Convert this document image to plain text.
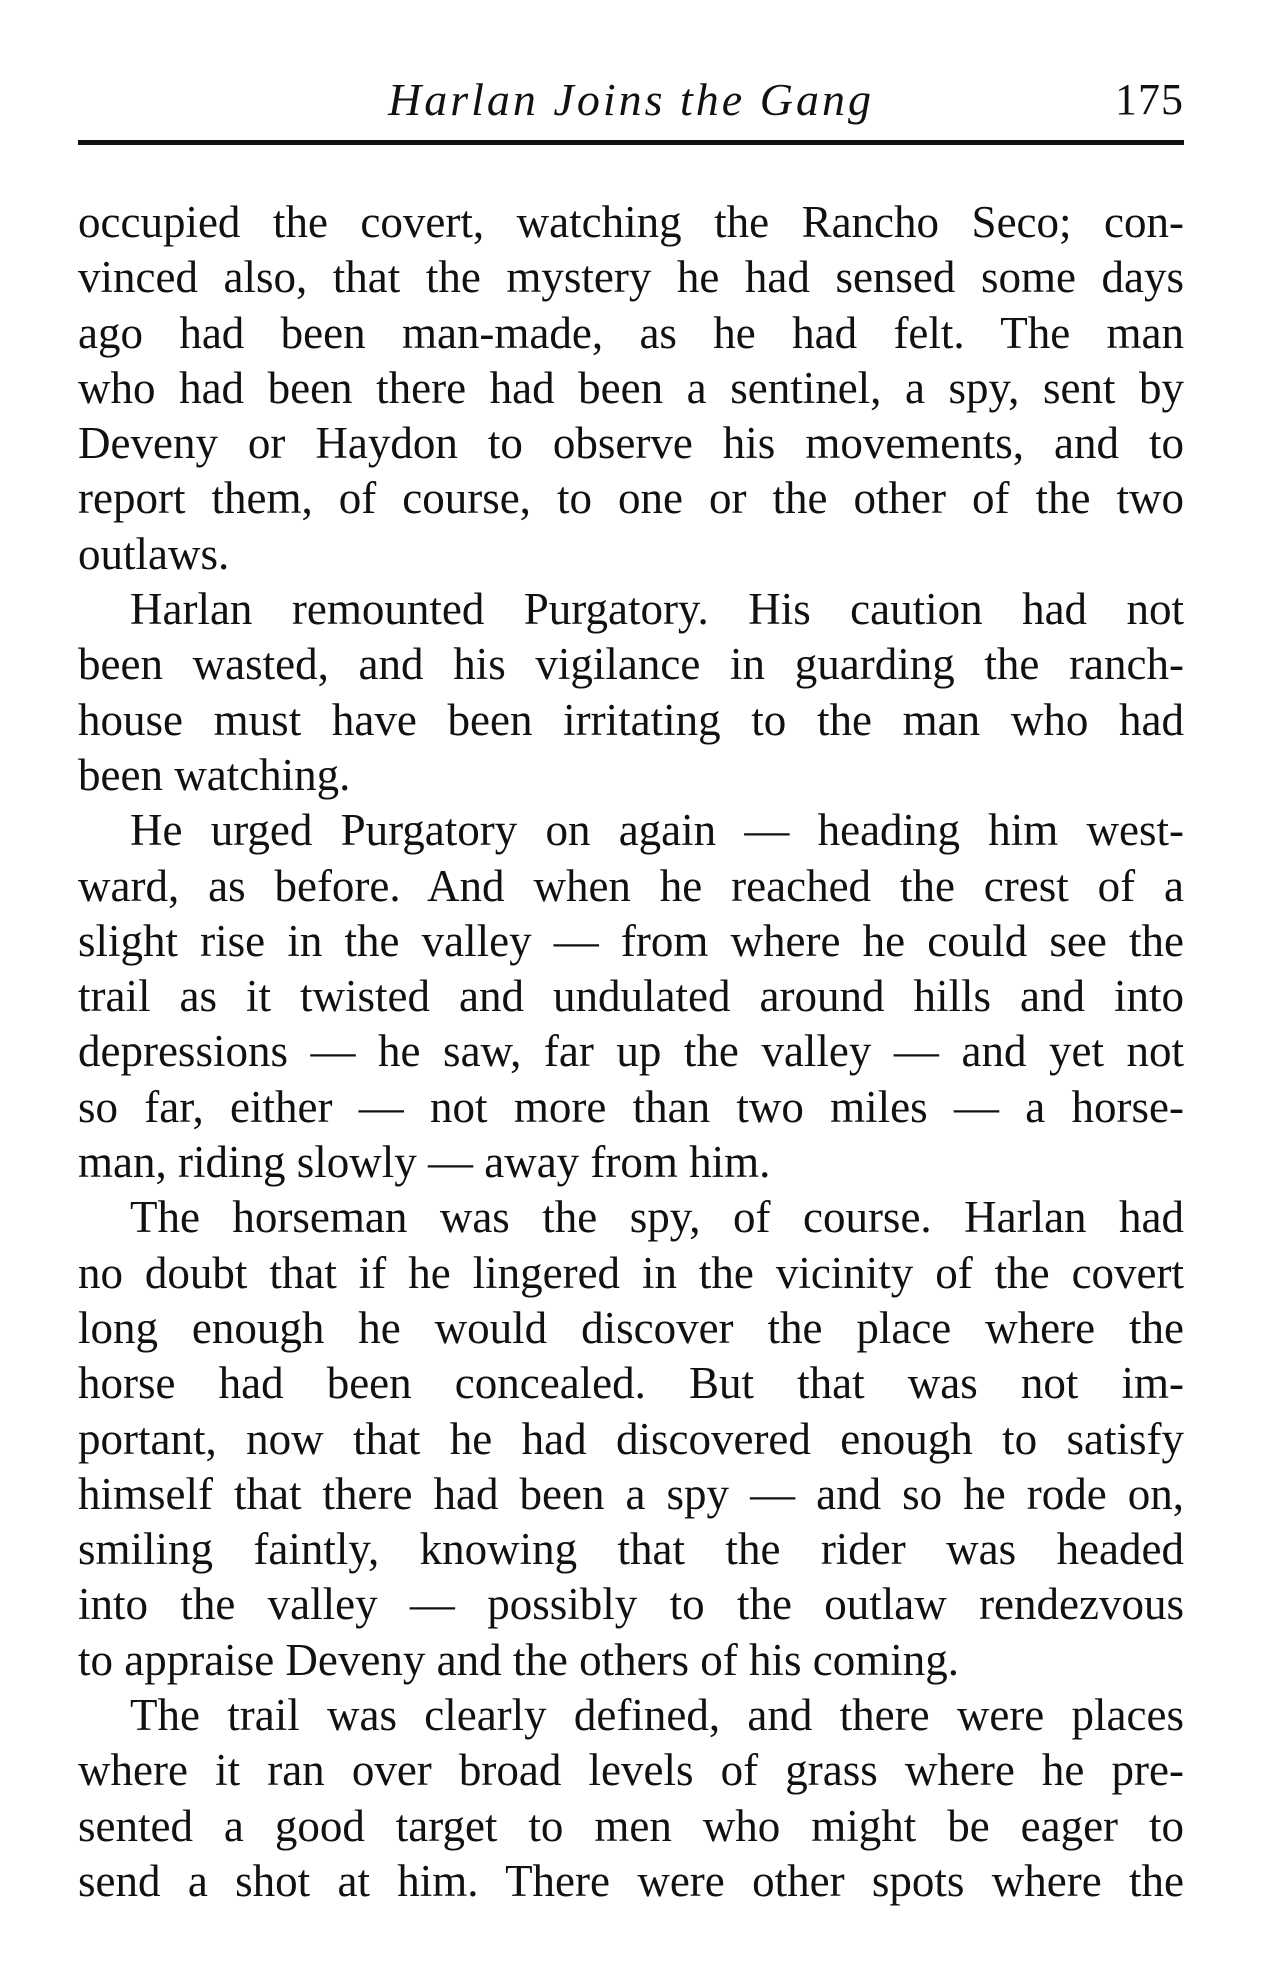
Harlan Joins the Gang	175

occupied the covert, watching the Rancho Seco; con-
vinced also, that the mystery he had sensed some days
ago had been man-made, as he had felt. The man
who had been there had been a sentinel, a spy, sent by
Deveny or Haydon to observe his movements, and to
report them, of course, to one or the other of the two
outlaws.

Harlan remounted Purgatory. His caution had not
been wasted, and his vigilance in guarding the ranch-
house must have been irritating to the man who had
been watching.

He urged Purgatory on again — heading him west-
ward, as before. And when he reached the crest of a
slight rise in the valley — from where he could see the
trail as it twisted and undulated around hills and into
depressions — he saw, far up the valley — and yet not
so far, either — not more than two miles — a horse-
man, riding slowly — away from him.

The horseman was the spy, of course. Harlan had
no doubt that if he lingered in the vicinity of the covert
long enough he would discover the place where the
horse had been concealed. But that was not im-
portant, now that he had discovered enough to satisfy
himself that there had been a spy — and so he rode on,
smiling faintly, knowing that the rider was headed
into the valley — possibly to the outlaw rendezvous
to appraise Deveny and the others of his coming.

The trail was clearly defined, and there were places
where it ran over broad levels of grass where he pre-
sented a good target to men who might be eager to
send a shot at him. There were other spots where the
